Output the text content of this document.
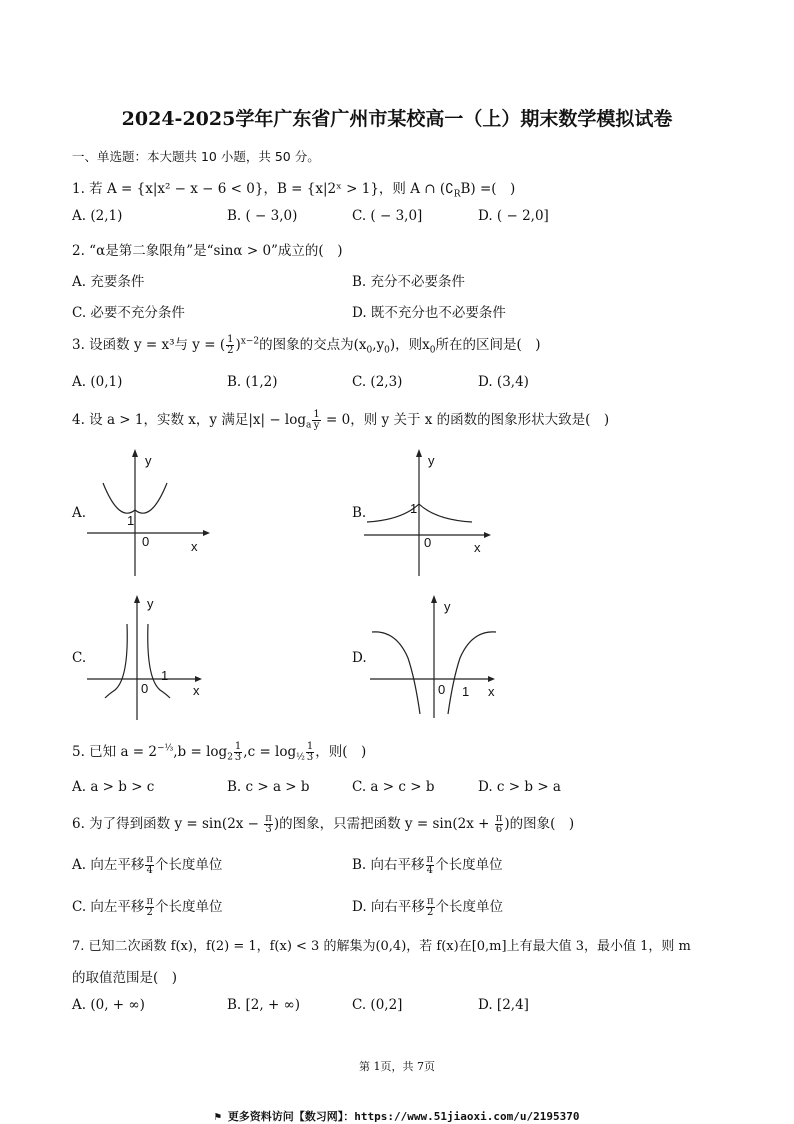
2024-2025学年广东省广州市某校高一（上）期末数学模拟试卷
一、单选题：本大题共 10 小题，共 50 分。
1. 若 A = {x|x² − x − 6 < 0}，B = {x|2ˣ > 1}，则 A ∩ $(∁_RB)$ =(　)
A. (2,1)	B. ( − 3,0)	C. ( − 3,0]	D. ( − 2,0]
2. “α是第二象限角”是“sinα > 0”成立的(　)
A. 充要条件	B. 充分不必要条件
C. 必要不充分条件	D. 既不充分也不必要条件
3. 设函数 y = x³与 y = ( $\frac{1}{2} )^{x-2}$的图象的交点为$(x_0,y_0)$，则$x_0$所在的区间是(　)
A. (0,1)	B. (1,2)	C. (2,3)	D. (3,4)
4. 设 a > 1，实数 x，y 满足$|x| - \log_a \frac{1}{y} = 0$，则 y 关于 x 的函数的图象形状大致是(　)
A.
y
x
0
1	B.
y
x
0
1
C.
y
x
0
1
D.
y
x
0 1
5. 已知 $a = 2^{-\frac{1}{3}},b = \log_2 \frac{1}{3} ,c = \log_{\frac{1}{2}} \frac{1}{3}$ ，则(　)
A. a > b > c	B. c > a > b	C. a > c > b	D. c > b > a
6. 为了得到函数 $y = \sin(2x - \frac{\pi}{3}$ )的图象，只需把函数 $y = \sin(2x + \frac{\pi}{6}$ )的图象(　)
A. 向左平移 $\frac{\pi}{4}$ 个长度单位	B. 向右平移 $\frac{\pi}{4}$ 个长度单位
C. 向左平移 $\frac{\pi}{2}$ 个长度单位	D. 向右平移 $\frac{\pi}{2}$ 个长度单位
7. 已知二次函数 f(x)，f(2) = 1，f(x) < 3 的解集为(0,4)，若 f(x)在[0,m]上有最大值 3，最小值 1，则 m
的取值范围是(　)
A. (0, + ∞)	B. [2, + ∞)	C. (0,2]	D. [2,4]
第 1页，共 7页
⚑ 更多资料访问【数习网】：https://www.51jiaoxi.com/u/2195370
